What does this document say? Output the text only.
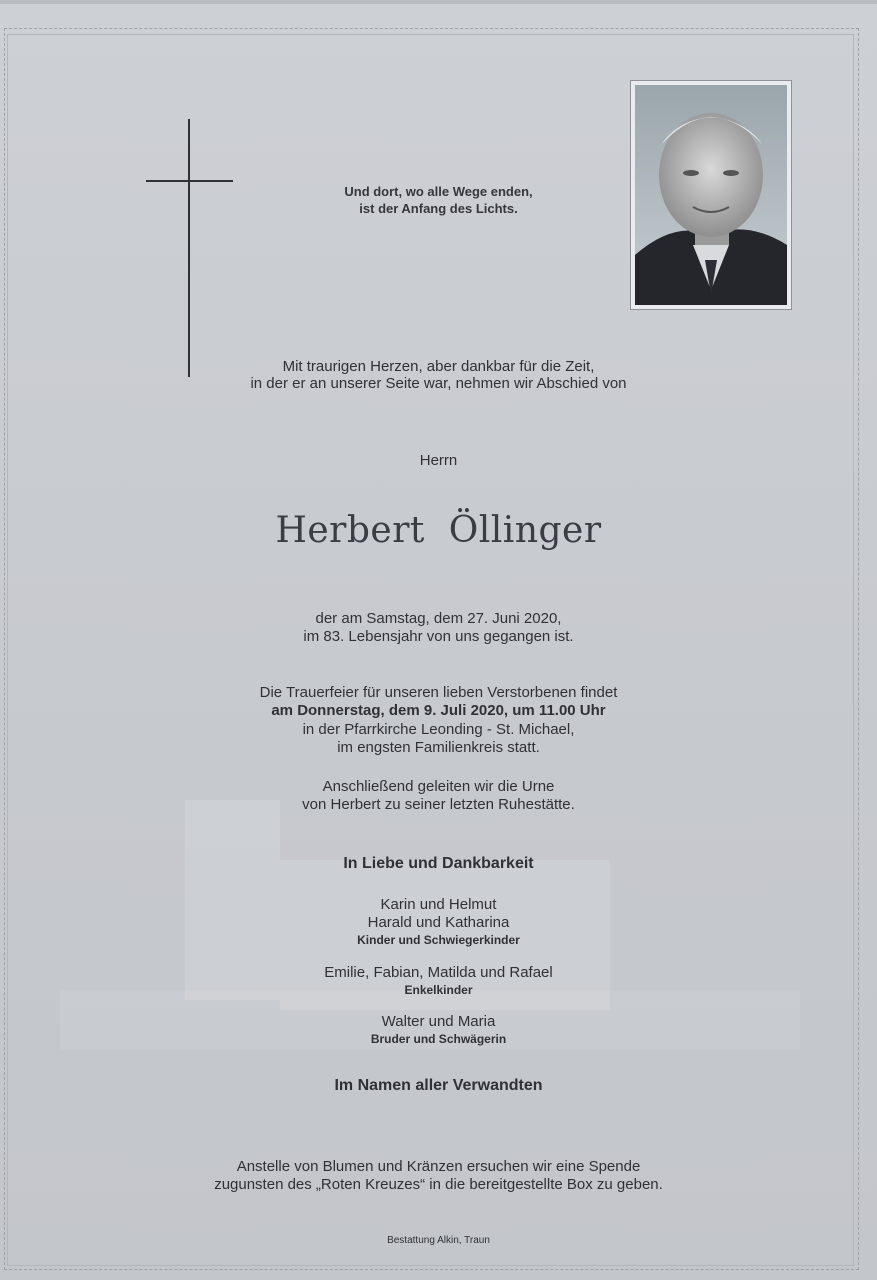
Und dort, wo alle Wege enden,
ist der Anfang des Lichts.
Mit traurigen Herzen, aber dankbar für die Zeit,
in der er an unserer Seite war, nehmen wir Abschied von
Herrn
Herbert  Öllinger
der am Samstag, dem 27. Juni 2020,
im 83. Lebensjahr von uns gegangen ist.
Die Trauerfeier für unseren lieben Verstorbenen findet
am Donnerstag, dem 9. Juli 2020, um 11.00 Uhr
in der Pfarrkirche Leonding - St. Michael,
im engsten Familienkreis statt.
Anschließend geleiten wir die Urne
von Herbert zu seiner letzten Ruhestätte.
In Liebe und Dankbarkeit
Karin und Helmut
Harald und Katharina
Kinder und Schwiegerkinder
Emilie, Fabian, Matilda und Rafael
Enkelkinder
Walter und Maria
Bruder und Schwägerin
Im Namen aller Verwandten
Anstelle von Blumen und Kränzen ersuchen wir eine Spende
zugunsten des „Roten Kreuzes“ in die bereitgestellte Box zu geben.
Bestattung Alkin, Traun
